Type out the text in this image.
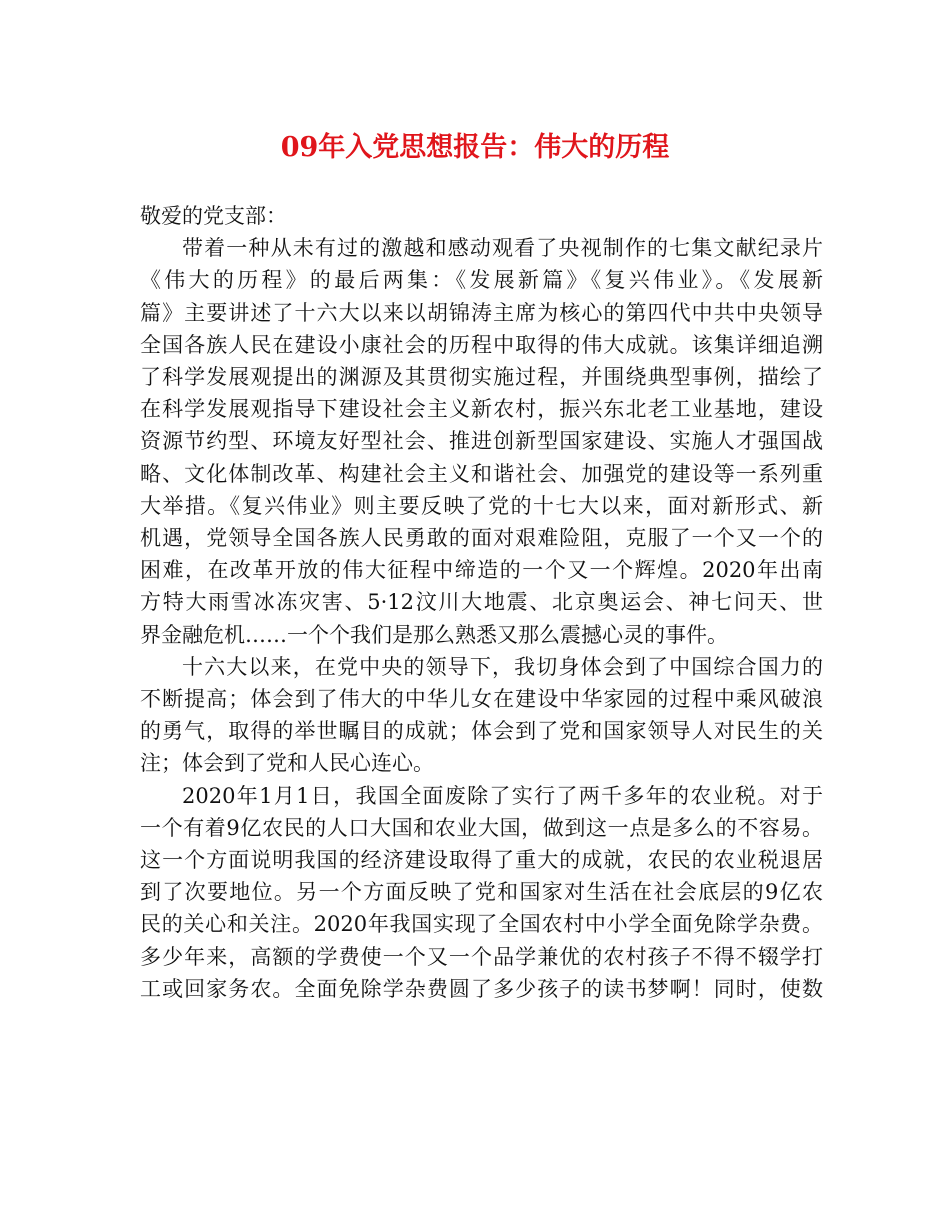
09年入党思想报告：伟大的历程

敬爱的党支部：

带着一种从未有过的激越和感动观看了央视制作的七集文献纪录片
《伟大的历程》的最后两集：《发展新篇》《复兴伟业》。《发展新
篇》主要讲述了十六大以来以胡锦涛主席为核心的第四代中共中央领导
全国各族人民在建设小康社会的历程中取得的伟大成就。该集详细追溯
了科学发展观提出的渊源及其贯彻实施过程，并围绕典型事例，描绘了
在科学发展观指导下建设社会主义新农村，振兴东北老工业基地，建设
资源节约型、环境友好型社会、推进创新型国家建设、实施人才强国战
略、文化体制改革、构建社会主义和谐社会、加强党的建设等一系列重
大举措。《复兴伟业》则主要反映了党的十七大以来，面对新形式、新
机遇，党领导全国各族人民勇敢的面对艰难险阻，克服了一个又一个的
困难，在改革开放的伟大征程中缔造的一个又一个辉煌。2020年出南
方特大雨雪冰冻灾害、5·12汶川大地震、北京奥运会、神七问天、世
界金融危机……一个个我们是那么熟悉又那么震撼心灵的事件。
十六大以来，在党中央的领导下，我切身体会到了中国综合国力的
不断提高；体会到了伟大的中华儿女在建设中华家园的过程中乘风破浪
的勇气，取得的举世瞩目的成就；体会到了党和国家领导人对民生的关
注；体会到了党和人民心连心。
2020年1月1日，我国全面废除了实行了两千多年的农业税。对于
一个有着9亿农民的人口大国和农业大国，做到这一点是多么的不容易。
这一个方面说明我国的经济建设取得了重大的成就，农民的农业税退居
到了次要地位。另一个方面反映了党和国家对生活在社会底层的9亿农
民的关心和关注。2020年我国实现了全国农村中小学全面免除学杂费。
多少年来，高额的学费使一个又一个品学兼优的农村孩子不得不辍学打
工或回家务农。全面免除学杂费圆了多少孩子的读书梦啊！同时，使数
